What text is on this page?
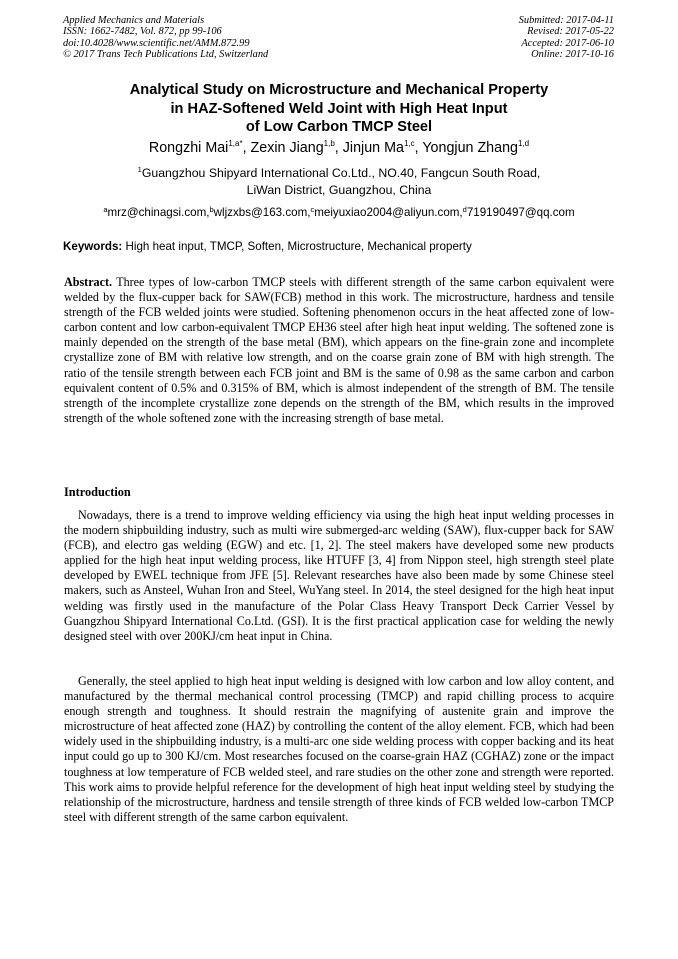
Applied Mechanics and Materials
ISSN: 1662-7482, Vol. 872, pp 99-106
doi:10.4028/www.scientific.net/AMM.872.99
© 2017 Trans Tech Publications Ltd, Switzerland
Submitted: 2017-04-11
Revised: 2017-05-22
Accepted: 2017-06-10
Online: 2017-10-16
Analytical Study on Microstructure and Mechanical Property
in HAZ-Softened Weld Joint with High Heat Input
of Low Carbon TMCP Steel
Rongzhi Mai$^{1,a*}$, Zexin Jiang$^{1,b}$, Jinjun Ma$^{1,c}$, Yongjun Zhang$^{1,d}$
$^1$Guangzhou Shipyard International Co.Ltd., NO.40, Fangcun South Road,
LiWan District, Guangzhou, China
$^a$mrz@chinagsi.com,$^b$wljzxbs@163.com,$^c$meiyuxiao2004@aliyun.com,$^d$719190497@qq.com
Keywords: High heat input, TMCP, Soften, Microstructure, Mechanical property
Abstract. Three types of low-carbon TMCP steels with different strength of the same carbon equivalent were welded by the flux-cupper back for SAW(FCB) method in this work. The microstructure, hardness and tensile strength of the FCB welded joints were studied. Softening phenomenon occurs in the heat affected zone of low-carbon content and low carbon-equivalent TMCP EH36 steel after high heat input welding. The softened zone is mainly depended on the strength of the base metal (BM), which appears on the fine-grain zone and incomplete crystallize zone of BM with relative low strength, and on the coarse grain zone of BM with high strength. The ratio of the tensile strength between each FCB joint and BM is the same of 0.98 as the same carbon and carbon equivalent content of 0.5% and 0.315% of BM, which is almost independent of the strength of BM. The tensile strength of the incomplete crystallize zone depends on the strength of the BM, which results in the improved strength of the whole softened zone with the increasing strength of base metal.
Introduction
Nowadays, there is a trend to improve welding efficiency via using the high heat input welding processes in the modern shipbuilding industry, such as multi wire submerged-arc welding (SAW), flux-cupper back for SAW (FCB), and electro gas welding (EGW) and etc. [1, 2]. The steel makers have developed some new products applied for the high heat input welding process, like HTUFF [3, 4] from Nippon steel, high strength steel plate developed by EWEL technique from JFE [5]. Relevant researches have also been made by some Chinese steel makers, such as Ansteel, Wuhan Iron and Steel, WuYang steel. In 2014, the steel designed for the high heat input welding was firstly used in the manufacture of the Polar Class Heavy Transport Deck Carrier Vessel by Guangzhou Shipyard International Co.Ltd. (GSI). It is the first practical application case for welding the newly designed steel with over 200KJ/cm heat input in China.
Generally, the steel applied to high heat input welding is designed with low carbon and low alloy content, and manufactured by the thermal mechanical control processing (TMCP) and rapid chilling process to acquire enough strength and toughness. It should restrain the magnifying of austenite grain and improve the microstructure of heat affected zone (HAZ) by controlling the content of the alloy element. FCB, which had been widely used in the shipbuilding industry, is a multi-arc one side welding process with copper backing and its heat input could go up to 300 KJ/cm. Most researches focused on the coarse-grain HAZ (CGHAZ) zone or the impact toughness at low temperature of FCB welded steel, and rare studies on the other zone and strength were reported. This work aims to provide helpful reference for the development of high heat input welding steel by studying the relationship of the microstructure, hardness and tensile strength of three kinds of FCB welded low-carbon TMCP steel with different strength of the same carbon equivalent.
